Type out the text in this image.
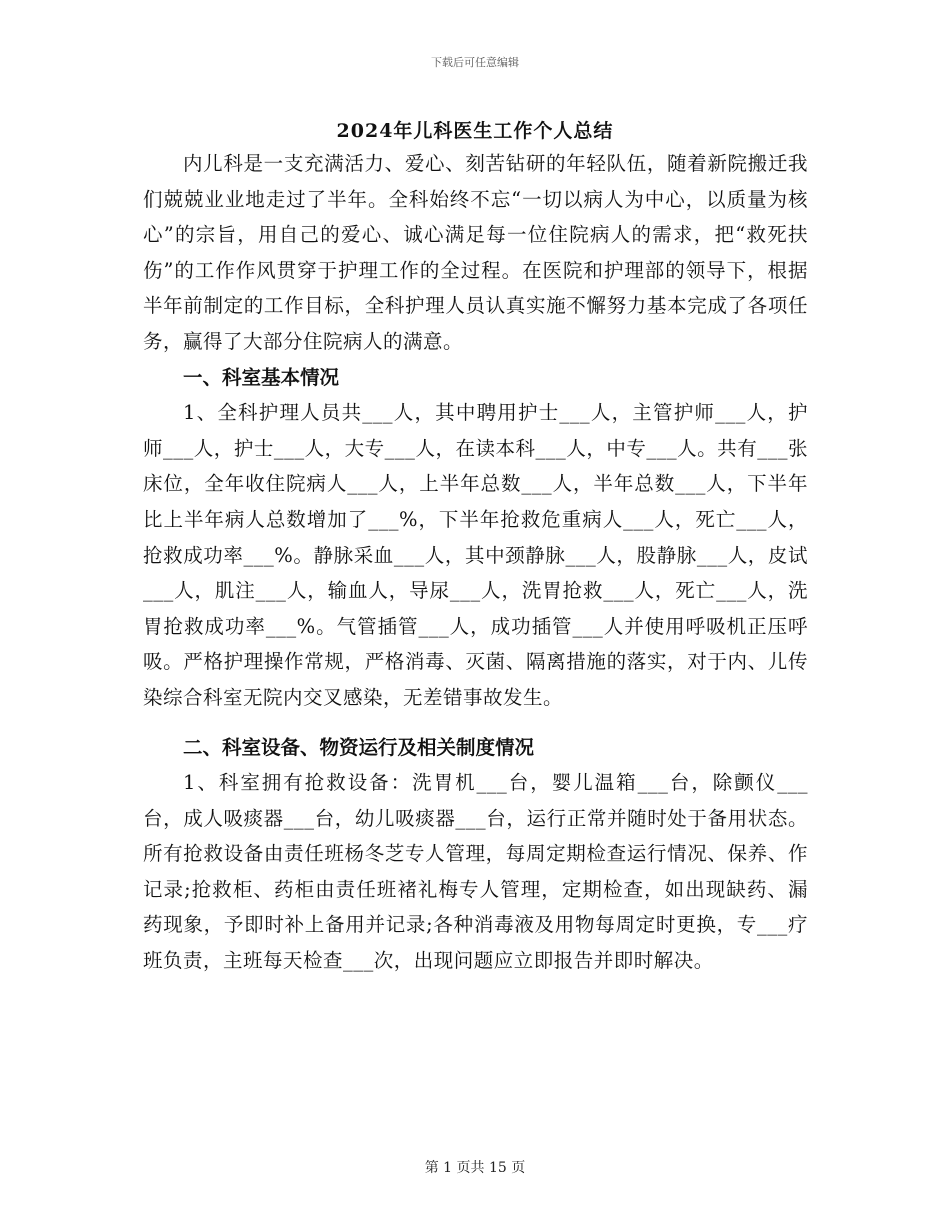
下载后可任意编辑
2024年儿科医生工作个人总结

内儿科是一支充满活力、爱心、刻苦钻研的年轻队伍，随着新院搬迁我们兢兢业业地走过了半年。全科始终不忘“一切以病人为中心，以质量为核心”的宗旨，用自己的爱心、诚心满足每一位住院病人的需求，把“救死扶伤”的工作作风贯穿于护理工作的全过程。在医院和护理部的领导下，根据半年前制定的工作目标，全科护理人员认真实施不懈努力基本完成了各项任务，赢得了大部分住院病人的满意。

一、科室基本情况

1、全科护理人员共___人，其中聘用护士___人，主管护师___人，护师___人，护士___人，大专___人，在读本科___人，中专___人。共有___张床位，全年收住院病人___人，上半年总数___人，半年总数___人，下半年比上半年病人总数增加了___%，下半年抢救危重病人___人，死亡___人，抢救成功率___%。静脉采血___人，其中颈静脉___人，股静脉___人，皮试___人，肌注___人，输血人，导尿___人，洗胃抢救___人，死亡___人，洗胃抢救成功率___%。气管插管___人，成功插管___人并使用呼吸机正压呼吸。严格护理操作常规，严格消毒、灭菌、隔离措施的落实，对于内、儿传染综合科室无院内交叉感染，无差错事故发生。

二、科室设备、物资运行及相关制度情况

1、科室拥有抢救设备：洗胃机___台，婴儿温箱___台，除颤仪___台，成人吸痰器___台，幼儿吸痰器___台，运行正常并随时处于备用状态。所有抢救设备由责任班杨冬芝专人管理，每周定期检查运行情况、保养、作记录;抢救柜、药柜由责任班褚礼梅专人管理，定期检查，如出现缺药、漏药现象，予即时补上备用并记录;各种消毒液及用物每周定时更换，专___疗班负责，主班每天检查___次，出现问题应立即报告并即时解决。

第 1 页共 15 页
